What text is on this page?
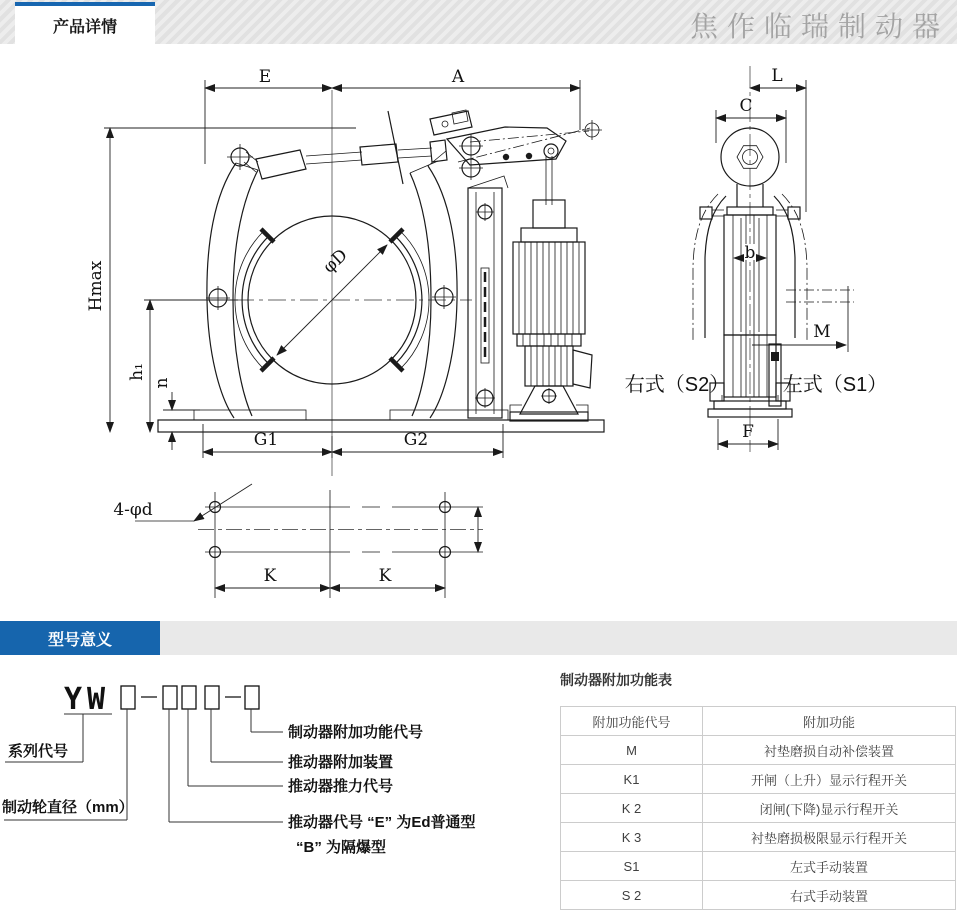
产品详情	焦作临瑞制动器
φD
E	A
Hmax
h₁
n
G1	G2
L
C
b
M
F
右式（S2）	左式（S1）
4-φd
K	K
型号意义
YW
系列代号
制动轮直径（mm）
制动器附加功能代号
推动器附加装置
推动器推力代号
推动器代号 “E” 为Ed普通型
“B” 为隔爆型
制动器附加功能表
附加功能代号	附加功能
M	衬垫磨损自动补偿装置
K1	开闸（上升）显示行程开关
K 2	闭闸(下降)显示行程开关
K 3	衬垫磨损极限显示行程开关
S1	左式手动装置
S 2	右式手动装置
